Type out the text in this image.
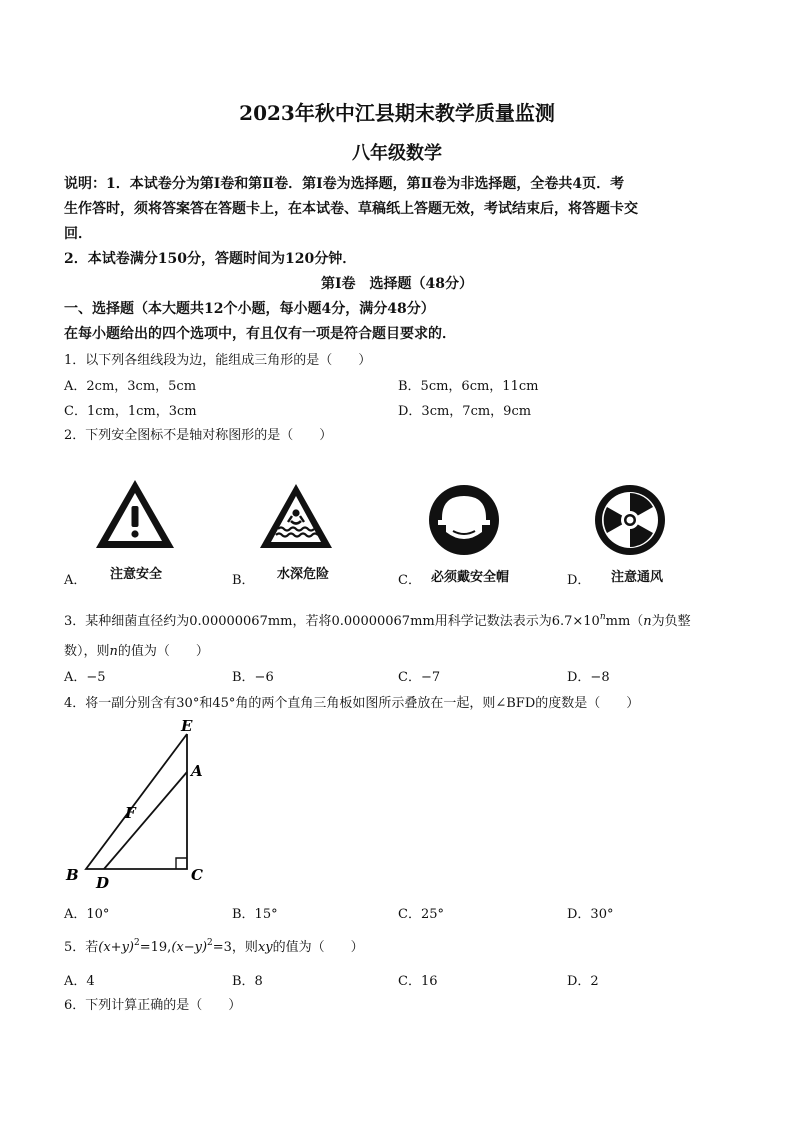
2023年秋中江县期末教学质量监测
八年级数学
说明：1．本试卷分为第Ⅰ卷和第Ⅱ卷．第Ⅰ卷为选择题，第Ⅱ卷为非选择题，全卷共4页．考
生作答时，须将答案答在答题卡上，在本试卷、草稿纸上答题无效，考试结束后，将答题卡交
回．
2．本试卷满分150分，答题时间为120分钟．
第Ⅰ卷　选择题（48分）
一、选择题（本大题共12个小题，每小题4分，满分48分）
在每小题给出的四个选项中，有且仅有一项是符合题目要求的．
1．以下列各组线段为边，能组成三角形的是（　　）
A．2cm，3cm，5cm	B．5cm，6cm，11cm
C．1cm，1cm，3cm	D．3cm，7cm，9cm
2．下列安全图标不是轴对称图形的是（　　）
A． 注意安全	B． 水深危险	C． 必须戴安全帽	D． 注意通风
3．某种细菌直径约为0.00000067mm，若将0.00000067mm用科学记数法表示为$6.7\times 10^nmm(n$为负整
数），则n的值为（　　）
A．−5	B．−6	C．−7	D．−8
4．将一副分别含有30°和45°角的两个直角三角板如图所示叠放在一起，则∠BFD的度数是（　　）
E
A
F
B D	C
A．10°	B．15°	C．25°	D．30°
5．若$(x+y)^2=19,(x-y)^2=3$，则xy的值为（　　）
A．4	B．8	C．16	D．2
6．下列计算正确的是（　　）
